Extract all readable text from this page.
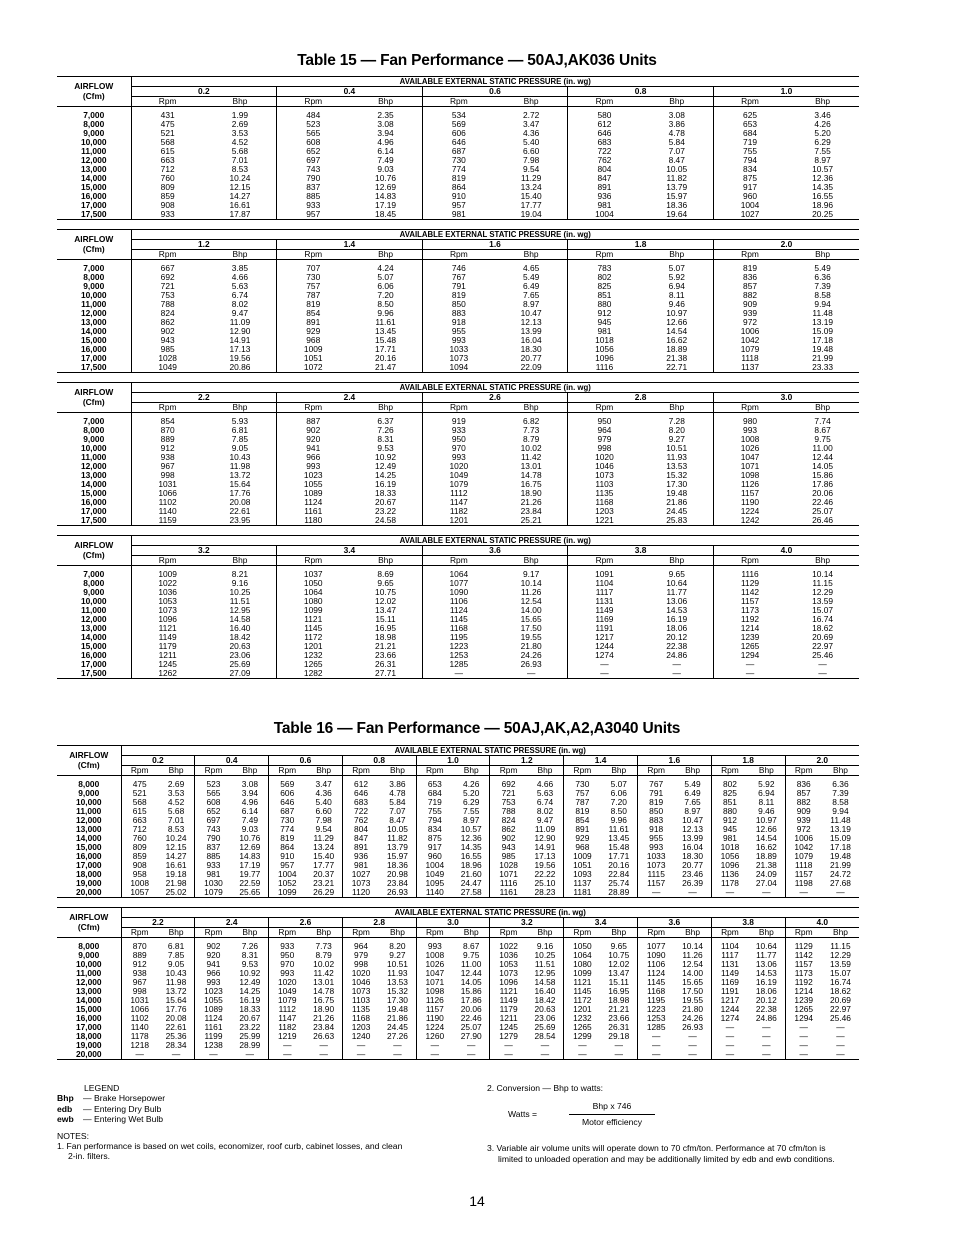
Table 15 — Fan Performance — 50AJ,AK036 Units
AIRFLOW
(Cfm)	AVAILABLE EXTERNAL STATIC PRESSURE (in. wg)									
	0.2		0.4		0.6		0.8		1.0	
	Rpm	Bhp	Rpm	Bhp	Rpm	Bhp	Rpm	Bhp	Rpm	Bhp

7,000	431	1.99	484	2.35	534	2.72	580	3.08	625	3.46
8,000	475	2.69	523	3.08	569	3.47	612	3.86	653	4.26
9,000	521	3.53	565	3.94	606	4.36	646	4.78	684	5.20
10,000	568	4.52	608	4.96	646	5.40	683	5.84	719	6.29
11,000	615	5.68	652	6.14	687	6.60	722	7.07	755	7.55
12,000	663	7.01	697	7.49	730	7.98	762	8.47	794	8.97
13,000	712	8.53	743	9.03	774	9.54	804	10.05	834	10.57
14,000	760	10.24	790	10.76	819	11.29	847	11.82	875	12.36
15,000	809	12.15	837	12.69	864	13.24	891	13.79	917	14.35
16,000	859	14.27	885	14.83	910	15.40	936	15.97	960	16.55
17,000	908	16.61	933	17.19	957	17.77	981	18.36	1004	18.96
17,500	933	17.87	957	18.45	981	19.04	1004	19.64	1027	20.25
AIRFLOW
(Cfm)	AVAILABLE EXTERNAL STATIC PRESSURE (in. wg)									
	1.2		1.4		1.6		1.8		2.0	
	Rpm	Bhp	Rpm	Bhp	Rpm	Bhp	Rpm	Bhp	Rpm	Bhp

7,000	667	3.85	707	4.24	746	4.65	783	5.07	819	5.49
8,000	692	4.66	730	5.07	767	5.49	802	5.92	836	6.36
9,000	721	5.63	757	6.06	791	6.49	825	6.94	857	7.39
10,000	753	6.74	787	7.20	819	7.65	851	8.11	882	8.58
11,000	788	8.02	819	8.50	850	8.97	880	9.46	909	9.94
12,000	824	9.47	854	9.96	883	10.47	912	10.97	939	11.48
13,000	862	11.09	891	11.61	918	12.13	945	12.66	972	13.19
14,000	902	12.90	929	13.45	955	13.99	981	14.54	1006	15.09
15,000	943	14.91	968	15.48	993	16.04	1018	16.62	1042	17.18
16,000	985	17.13	1009	17.71	1033	18.30	1056	18.89	1079	19.48
17,000	1028	19.56	1051	20.16	1073	20.77	1096	21.38	1118	21.99
17,500	1049	20.86	1072	21.47	1094	22.09	1116	22.71	1137	23.33
AIRFLOW
(Cfm)	AVAILABLE EXTERNAL STATIC PRESSURE (in. wg)									
	2.2		2.4		2.6		2.8		3.0	
	Rpm	Bhp	Rpm	Bhp	Rpm	Bhp	Rpm	Bhp	Rpm	Bhp

7,000	854	5.93	887	6.37	919	6.82	950	7.28	980	7.74
8,000	870	6.81	902	7.26	933	7.73	964	8.20	993	8.67
9,000	889	7.85	920	8.31	950	8.79	979	9.27	1008	9.75
10,000	912	9.05	941	9.53	970	10.02	998	10.51	1026	11.00
11,000	938	10.43	966	10.92	993	11.42	1020	11.93	1047	12.44
12,000	967	11.98	993	12.49	1020	13.01	1046	13.53	1071	14.05
13,000	998	13.72	1023	14.25	1049	14.78	1073	15.32	1098	15.86
14,000	1031	15.64	1055	16.19	1079	16.75	1103	17.30	1126	17.86
15,000	1066	17.76	1089	18.33	1112	18.90	1135	19.48	1157	20.06
16,000	1102	20.08	1124	20.67	1147	21.26	1168	21.86	1190	22.46
17,000	1140	22.61	1161	23.22	1182	23.84	1203	24.45	1224	25.07
17,500	1159	23.95	1180	24.58	1201	25.21	1221	25.83	1242	26.46
AIRFLOW
(Cfm)	AVAILABLE EXTERNAL STATIC PRESSURE (in. wg)									
	3.2		3.4		3.6		3.8		4.0	
	Rpm	Bhp	Rpm	Bhp	Rpm	Bhp	Rpm	Bhp	Rpm	Bhp

7,000	1009	8.21	1037	8.69	1064	9.17	1091	9.65	1116	10.14
8,000	1022	9.16	1050	9.65	1077	10.14	1104	10.64	1129	11.15
9,000	1036	10.25	1064	10.75	1090	11.26	1117	11.77	1142	12.29
10,000	1053	11.51	1080	12.02	1106	12.54	1131	13.06	1157	13.59
11,000	1073	12.95	1099	13.47	1124	14.00	1149	14.53	1173	15.07
12,000	1096	14.58	1121	15.11	1145	15.65	1169	16.19	1192	16.74
13,000	1121	16.40	1145	16.95	1168	17.50	1191	18.06	1214	18.62
14,000	1149	18.42	1172	18.98	1195	19.55	1217	20.12	1239	20.69
15,000	1179	20.63	1201	21.21	1223	21.80	1244	22.38	1265	22.97
16,000	1211	23.06	1232	23.66	1253	24.26	1274	24.86	1294	25.46
17,000	1245	25.69	1265	26.31	1285	26.93	—	—	—	—
17,500	1262	27.09	1282	27.71	—	—	—	—	—	—
Table 16 — Fan Performance — 50AJ,AK,A2,A3040 Units
AIRFLOW
(Cfm)	AVAILABLE EXTERNAL STATIC PRESSURE (in. wg)																			
	0.2		0.4		0.6		0.8		1.0		1.2		1.4		1.6		1.8		2.0	
	Rpm	Bhp	Rpm	Bhp	Rpm	Bhp	Rpm	Bhp	Rpm	Bhp	Rpm	Bhp	Rpm	Bhp	Rpm	Bhp	Rpm	Bhp	Rpm	Bhp

8,000	475	2.69	523	3.08	569	3.47	612	3.86	653	4.26	692	4.66	730	5.07	767	5.49	802	5.92	836	6.36
9,000	521	3.53	565	3.94	606	4.36	646	4.78	684	5.20	721	5.63	757	6.06	791	6.49	825	6.94	857	7.39
10,000	568	4.52	608	4.96	646	5.40	683	5.84	719	6.29	753	6.74	787	7.20	819	7.65	851	8.11	882	8.58
11,000	615	5.68	652	6.14	687	6.60	722	7.07	755	7.55	788	8.02	819	8.50	850	8.97	880	9.46	909	9.94
12,000	663	7.01	697	7.49	730	7.98	762	8.47	794	8.97	824	9.47	854	9.96	883	10.47	912	10.97	939	11.48
13,000	712	8.53	743	9.03	774	9.54	804	10.05	834	10.57	862	11.09	891	11.61	918	12.13	945	12.66	972	13.19
14,000	760	10.24	790	10.76	819	11.29	847	11.82	875	12.36	902	12.90	929	13.45	955	13.99	981	14.54	1006	15.09
15,000	809	12.15	837	12.69	864	13.24	891	13.79	917	14.35	943	14.91	968	15.48	993	16.04	1018	16.62	1042	17.18
16,000	859	14.27	885	14.83	910	15.40	936	15.97	960	16.55	985	17.13	1009	17.71	1033	18.30	1056	18.89	1079	19.48
17,000	908	16.61	933	17.19	957	17.77	981	18.36	1004	18.96	1028	19.56	1051	20.16	1073	20.77	1096	21.38	1118	21.99
18,000	958	19.18	981	19.77	1004	20.37	1027	20.98	1049	21.60	1071	22.22	1093	22.84	1115	23.46	1136	24.09	1157	24.72
19,000	1008	21.98	1030	22.59	1052	23.21	1073	23.84	1095	24.47	1116	25.10	1137	25.74	1157	26.39	1178	27.04	1198	27.68
20,000	1057	25.02	1079	25.65	1099	26.29	1120	26.93	1140	27.58	1161	28.23	1181	28.89	—	—	—	—	—	—
AIRFLOW
(Cfm)	AVAILABLE EXTERNAL STATIC PRESSURE (in. wg)																			
	2.2		2.4		2.6		2.8		3.0		3.2		3.4		3.6		3.8		4.0	
	Rpm	Bhp	Rpm	Bhp	Rpm	Bhp	Rpm	Bhp	Rpm	Bhp	Rpm	Bhp	Rpm	Bhp	Rpm	Bhp	Rpm	Bhp	Rpm	Bhp

8,000	870	6.81	902	7.26	933	7.73	964	8.20	993	8.67	1022	9.16	1050	9.65	1077	10.14	1104	10.64	1129	11.15
9,000	889	7.85	920	8.31	950	8.79	979	9.27	1008	9.75	1036	10.25	1064	10.75	1090	11.26	1117	11.77	1142	12.29
10,000	912	9.05	941	9.53	970	10.02	998	10.51	1026	11.00	1053	11.51	1080	12.02	1106	12.54	1131	13.06	1157	13.59
11,000	938	10.43	966	10.92	993	11.42	1020	11.93	1047	12.44	1073	12.95	1099	13.47	1124	14.00	1149	14.53	1173	15.07
12,000	967	11.98	993	12.49	1020	13.01	1046	13.53	1071	14.05	1096	14.58	1121	15.11	1145	15.65	1169	16.19	1192	16.74
13,000	998	13.72	1023	14.25	1049	14.78	1073	15.32	1098	15.86	1121	16.40	1145	16.95	1168	17.50	1191	18.06	1214	18.62
14,000	1031	15.64	1055	16.19	1079	16.75	1103	17.30	1126	17.86	1149	18.42	1172	18.98	1195	19.55	1217	20.12	1239	20.69
15,000	1066	17.76	1089	18.33	1112	18.90	1135	19.48	1157	20.06	1179	20.63	1201	21.21	1223	21.80	1244	22.38	1265	22.97
16,000	1102	20.08	1124	20.67	1147	21.26	1168	21.86	1190	22.46	1211	23.06	1232	23.66	1253	24.26	1274	24.86	1294	25.46
17,000	1140	22.61	1161	23.22	1182	23.84	1203	24.45	1224	25.07	1245	25.69	1265	26.31	1285	26.93	—	—	—	—
18,000	1178	25.36	1199	25.99	1219	26.63	1240	27.26	1260	27.90	1279	28.54	1299	29.18	—	—	—	—	—	—
19,000	1218	28.34	1238	28.99	—	—	—	—	—	—	—	—	—	—	—	—	—	—	—	—
20,000	—	—	—	—	—	—	—	—	—	—	—	—	—	—	—	—	—	—	—	—
LEGEND
Bhp — Brake Horsepower
edb — Entering Dry Bulb
ewb — Entering Wet Bulb
NOTES:
1. Fan performance is based on wet coils, economizer, roof curb, cabinet losses, and clean
2-in. filters.
2. Conversion — Bhp to watts:
Watts =
Bhp x 746
Motor efficiency
3. Variable air volume units will operate down to 70 cfm/ton. Performance at 70 cfm/ton is
limited to unloaded operation and may be additionally limited by edb and ewb conditions.
14
